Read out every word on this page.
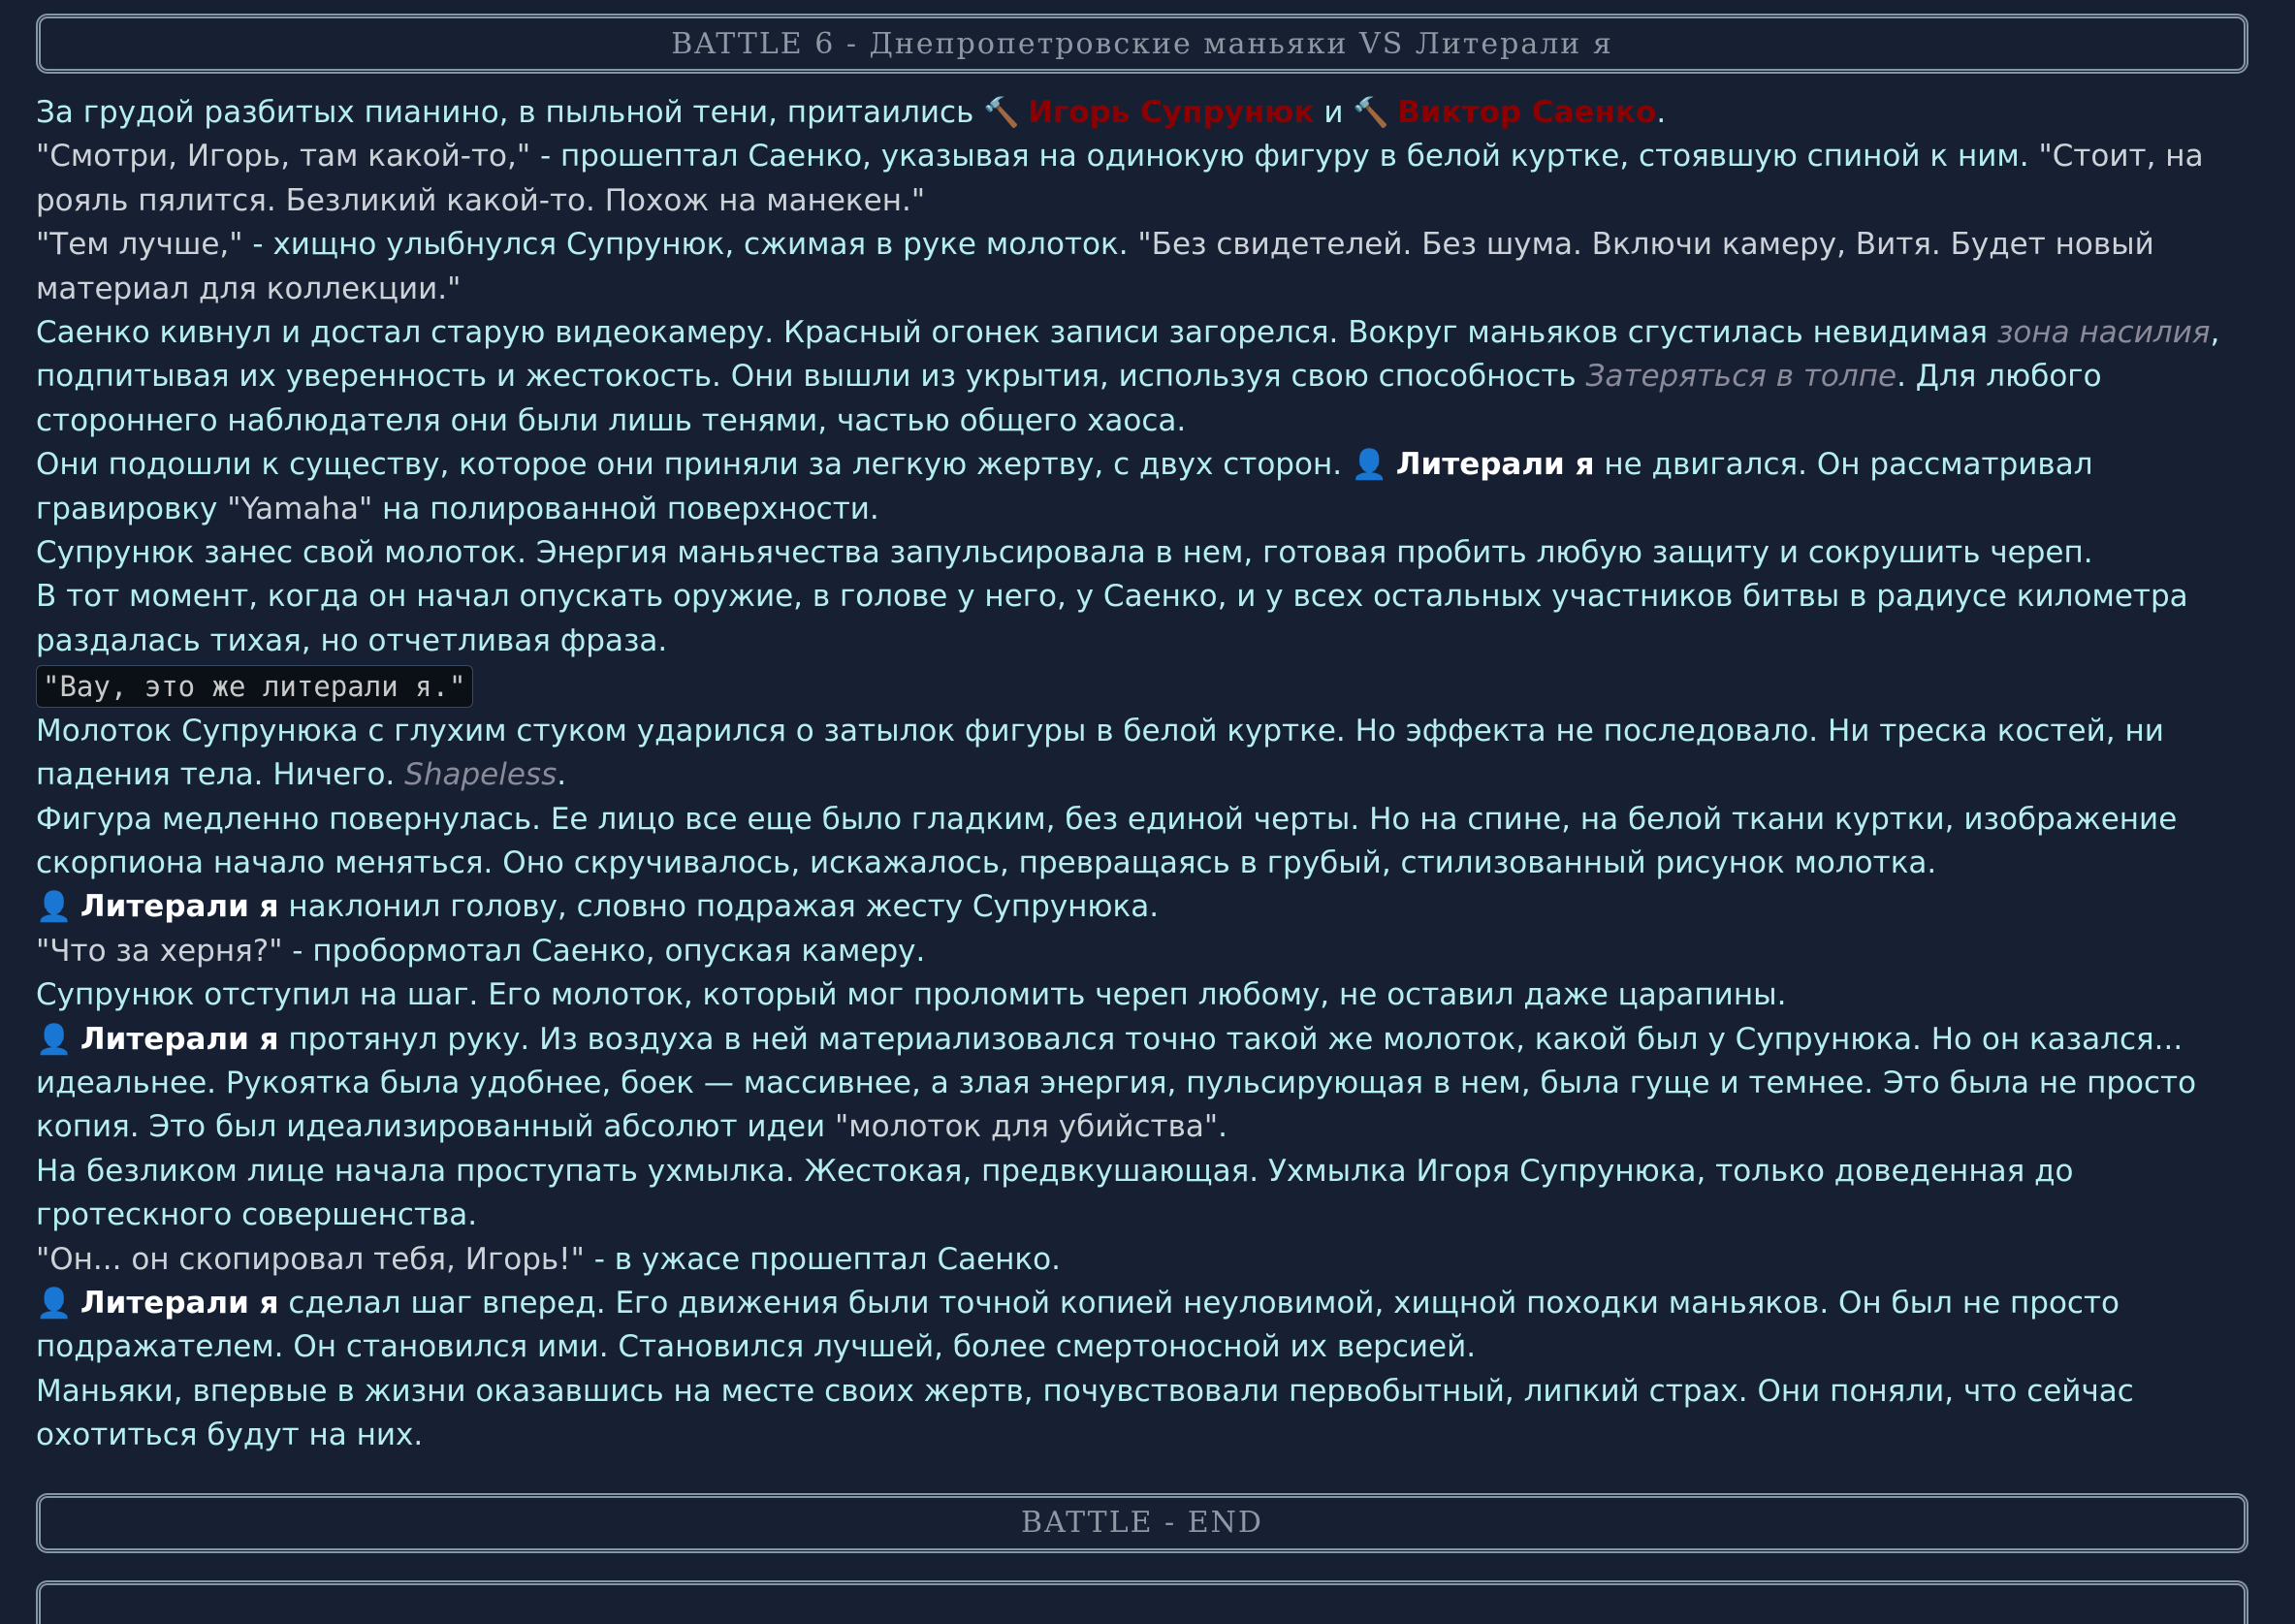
BATTLE 6 - Днепропетровские маньяки VS Литерали я

За грудой разбитых пианино, в пыльной тени, притаились 🔨 Игорь Супрунюк и 🔨 Виктор Саенко.

"Смотри, Игорь, там какой-то," - прошептал Саенко, указывая на одинокую фигуру в белой куртке, стоявшую спиной к ним. "Стоит, на рояль пялится. Безликий какой-то. Похож на манекен."

"Тем лучше," - хищно улыбнулся Супрунюк, сжимая в руке молоток. "Без свидетелей. Без шума. Включи камеру, Витя. Будет новый материал для коллекции."

Саенко кивнул и достал старую видеокамеру. Красный огонек записи загорелся. Вокруг маньяков сгустилась невидимая зона насилия, подпитывая их уверенность и жестокость. Они вышли из укрытия, используя свою способность Затеряться в толпе. Для любого стороннего наблюдателя они были лишь тенями, частью общего хаоса.

Они подошли к существу, которое они приняли за легкую жертву, с двух сторон. 👤 Литерали я не двигался. Он рассматривал гравировку "Yamaha" на полированной поверхности.

Супрунюк занес свой молоток. Энергия маньячества запульсировала в нем, готовая пробить любую защиту и сокрушить череп.

В тот момент, когда он начал опускать оружие, в голове у него, у Саенко, и у всех остальных участников битвы в радиусе километра раздалась тихая, но отчетливая фраза.

"Вау, это же литерали я."

Молоток Супрунюка с глухим стуком ударился о затылок фигуры в белой куртке. Но эффекта не последовало. Ни треска костей, ни падения тела. Ничего. Shapeless.

Фигура медленно повернулась. Ее лицо все еще было гладким, без единой черты. Но на спине, на белой ткани куртки, изображение скорпиона начало меняться. Оно скручивалось, искажалось, превращаясь в грубый, стилизованный рисунок молотка.

👤 Литерали я наклонил голову, словно подражая жесту Супрунюка.

"Что за херня?" - пробормотал Саенко, опуская камеру.

Супрунюк отступил на шаг. Его молоток, который мог проломить череп любому, не оставил даже царапины.

👤 Литерали я протянул руку. Из воздуха в ней материализовался точно такой же молоток, какой был у Супрунюка. Но он казался... идеальнее. Рукоятка была удобнее, боек — массивнее, а злая энергия, пульсирующая в нем, была гуще и темнее. Это была не просто копия. Это был идеализированный абсолют идеи "молоток для убийства".

На безликом лице начала проступать ухмылка. Жестокая, предвкушающая. Ухмылка Игоря Супрунюка, только доведенная до гротескного совершенства.

"Он... он скопировал тебя, Игорь!" - в ужасе прошептал Саенко.

👤 Литерали я сделал шаг вперед. Его движения были точной копией неуловимой, хищной походки маньяков. Он был не просто подражателем. Он становился ими. Становился лучшей, более смертоносной их версией.

Маньяки, впервые в жизни оказавшись на месте своих жертв, почувствовали первобытный, липкий страх. Они поняли, что сейчас охотиться будут на них.

BATTLE - END
